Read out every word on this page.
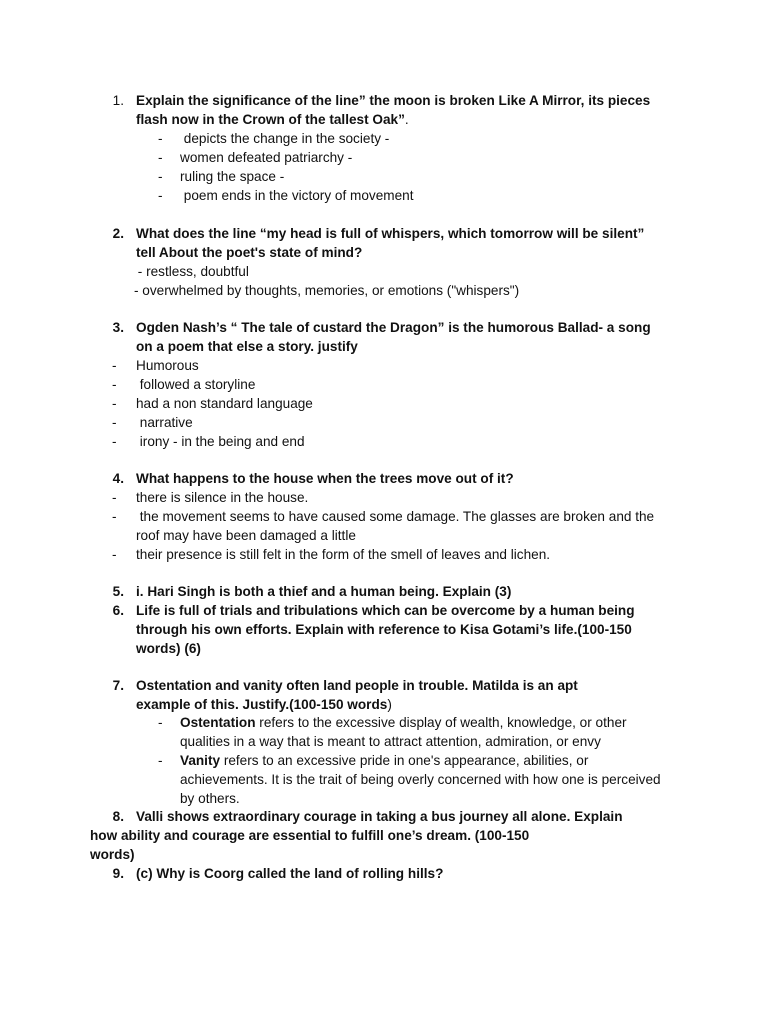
1. Explain the significance of the line” the moon is broken Like A Mirror, its pieces
flash now in the Crown of the tallest Oak”.
- depicts the change in the society -
- women defeated patriarchy -
- ruling the space -
- poem ends in the victory of movement
2. What does the line “my head is full of whispers, which tomorrow will be silent”
tell About the poet's state of mind?
- restless, doubtful
- overwhelmed by thoughts, memories, or emotions ("whispers")
3. Ogden Nash’s “ The tale of custard the Dragon” is the humorous Ballad- a song
on a poem that else a story. justify
- Humorous
- followed a storyline
- had a non standard language
- narrative
- irony - in the being and end
4. What happens to the house when the trees move out of it?
- there is silence in the house.
- the movement seems to have caused some damage. The glasses are broken and the
roof may have been damaged a little
- their presence is still felt in the form of the smell of leaves and lichen.
5. i. Hari Singh is both a thief and a human being. Explain (3)
6. Life is full of trials and tribulations which can be overcome by a human being
through his own efforts. Explain with reference to Kisa Gotami’s life.(100-150
words) (6)
7. Ostentation and vanity often land people in trouble. Matilda is an apt
example of this. Justify.(100-150 words)
- Ostentation refers to the excessive display of wealth, knowledge, or other
qualities in a way that is meant to attract attention, admiration, or envy
- Vanity refers to an excessive pride in one's appearance, abilities, or
achievements. It is the trait of being overly concerned with how one is perceived
by others.
8. Valli shows extraordinary courage in taking a bus journey all alone. Explain
how ability and courage are essential to fulfill one’s dream. (100-150
words)
9. (c) Why is Coorg called the land of rolling hills?
